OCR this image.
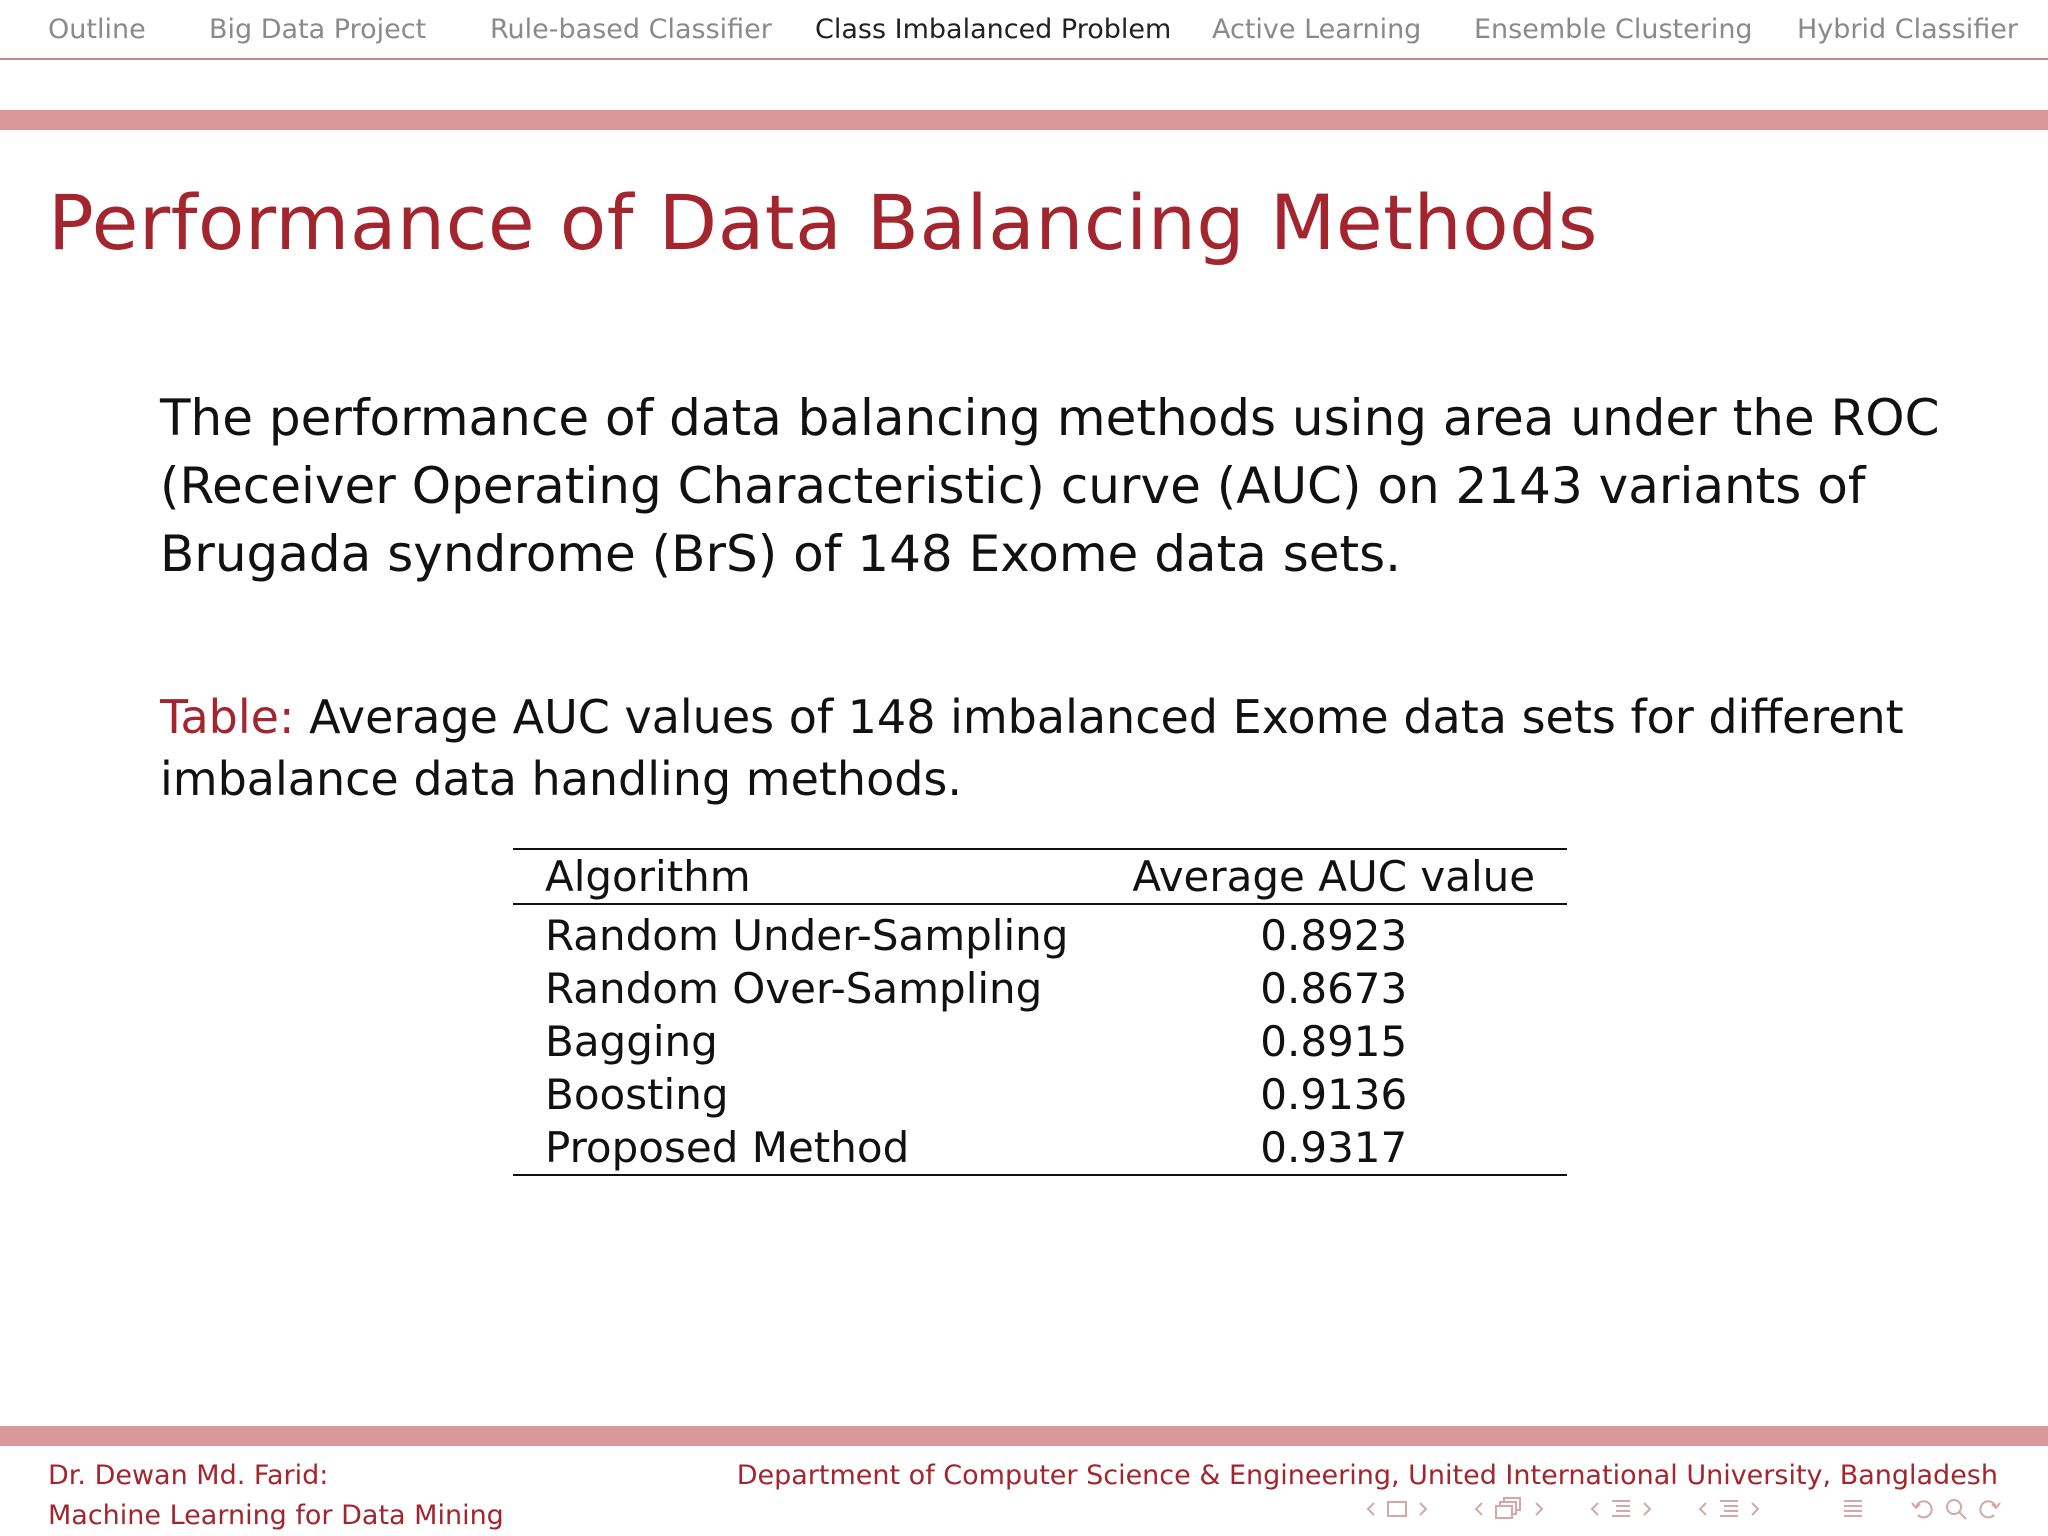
Outline Big Data Project Rule-based Classifier Class Imbalanced Problem Active Learning Ensemble Clustering Hybrid Classifier
Performance of Data Balancing Methods
The performance of data balancing methods using area under the ROC
(Receiver Operating Characteristic) curve (AUC) on 2143 variants of
Brugada syndrome (BrS) of 148 Exome data sets.
Table: Average AUC values of 148 imbalanced Exome data sets for different
imbalance data handling methods.
Algorithm	Average AUC value
Random Under-Sampling	0.8923
Random Over-Sampling	0.8673
Bagging	0.8915
Boosting	0.9136
Proposed Method	0.9317
Dr. Dewan Md. Farid:
Machine Learning for Data Mining
Department of Computer Science & Engineering, United International University, Bangladesh
